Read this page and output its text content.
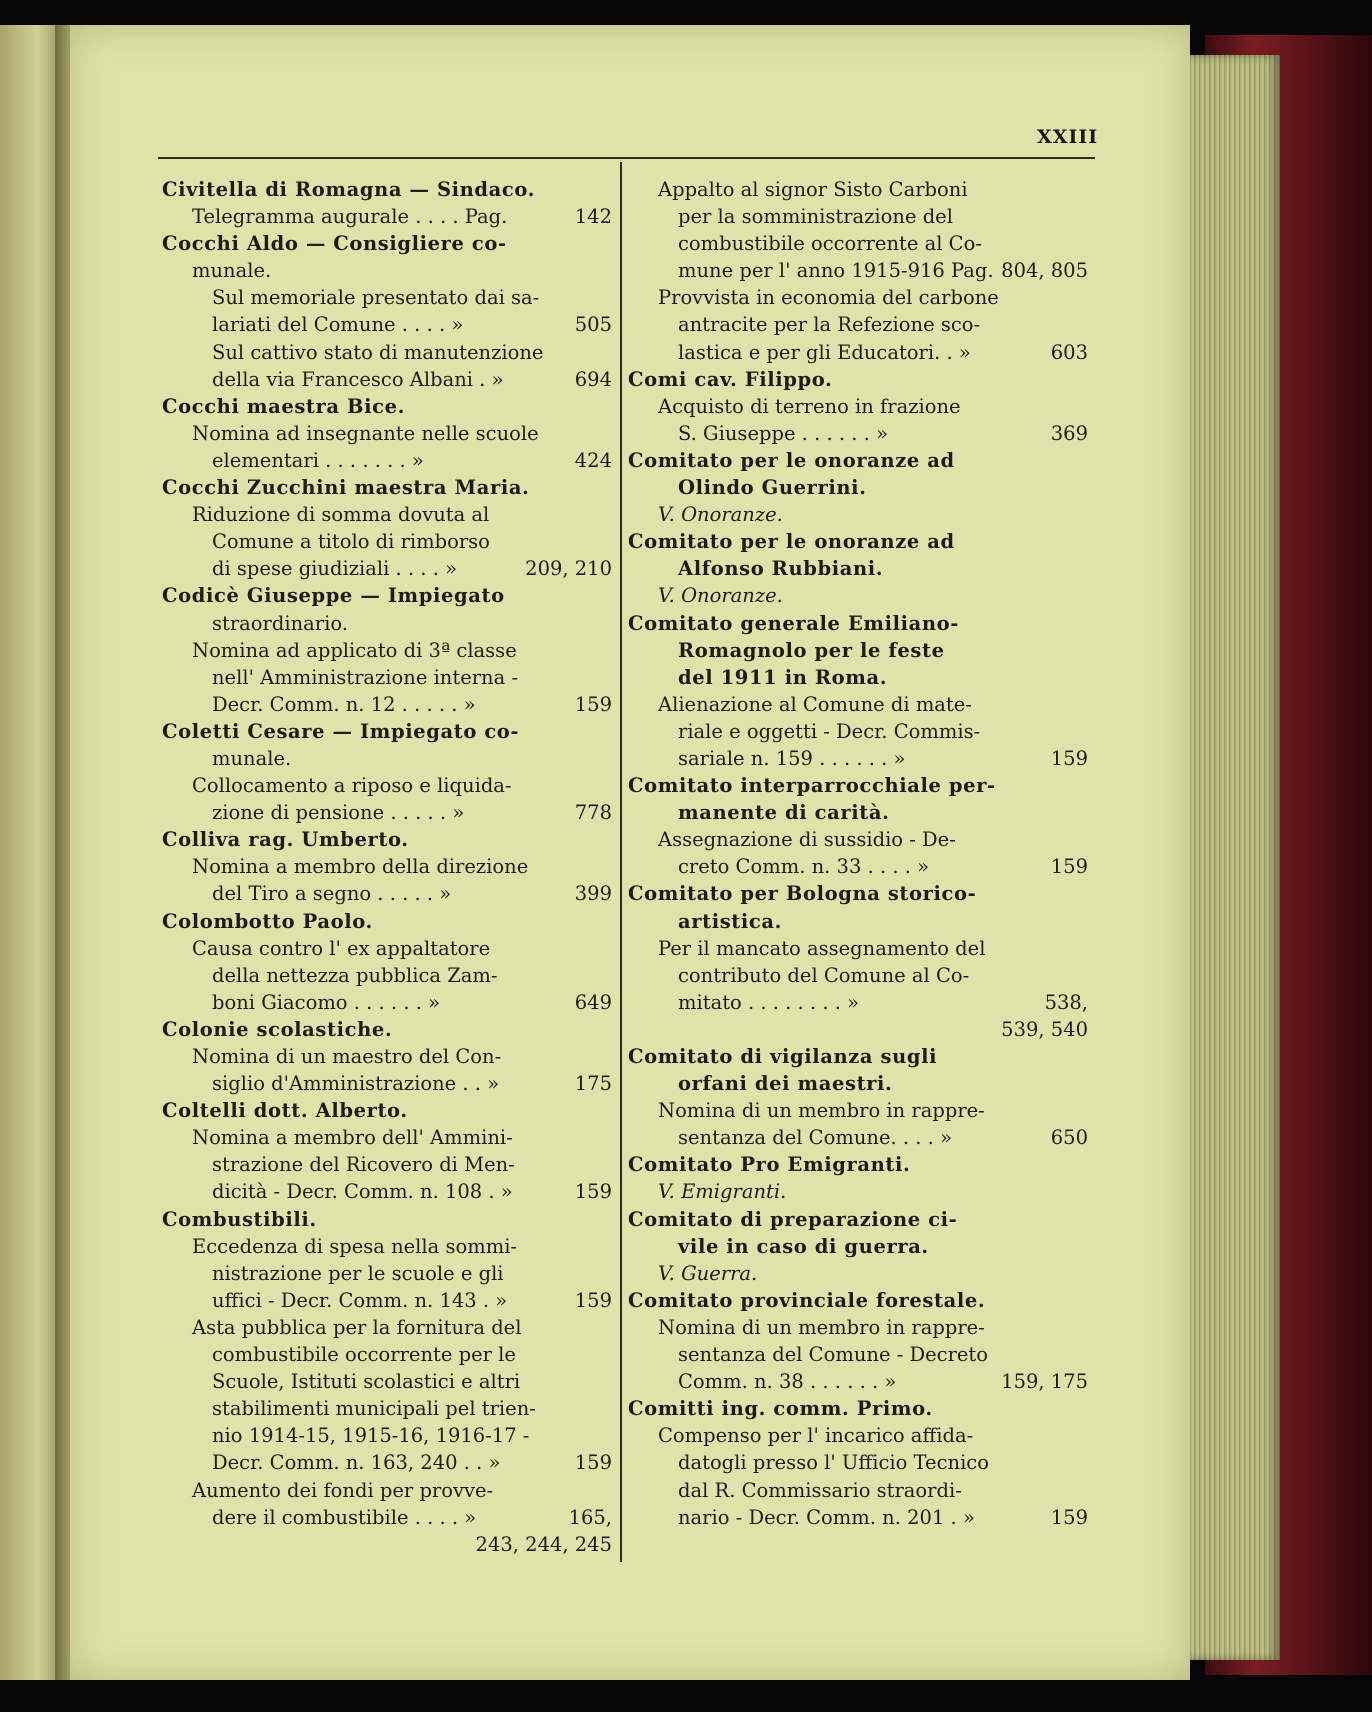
XXIII
Civitella di Romagna — Sindaco.
Telegramma augurale . . . . Pag.	142
Cocchi Aldo — Consigliere co-
munale.
Sul memoriale presentato dai sa-
lariati del Comune . . . . »	505
Sul cattivo stato di manutenzione
della via Francesco Albani . »	694
Cocchi maestra Bice.
Nomina ad insegnante nelle scuole
elementari . . . . . . . »	424
Cocchi Zucchini maestra Maria.
Riduzione di somma dovuta al
Comune a titolo di rimborso
di spese giudiziali . . . . »	209, 210
Codicè Giuseppe — Impiegato
straordinario.
Nomina ad applicato di 3ª classe
nell' Amministrazione interna -
Decr. Comm. n. 12 . . . . . »	159
Coletti Cesare — Impiegato co-
munale.
Collocamento a riposo e liquida-
zione di pensione . . . . . »	778
Colliva rag. Umberto.
Nomina a membro della direzione
del Tiro a segno . . . . . »	399
Colombotto Paolo.
Causa contro l' ex appaltatore
della nettezza pubblica Zam-
boni Giacomo . . . . . . »	649
Colonie scolastiche.
Nomina di un maestro del Con-
siglio d'Amministrazione . . »	175
Coltelli dott. Alberto.
Nomina a membro dell' Ammini-
strazione del Ricovero di Men-
dicità - Decr. Comm. n. 108 . »	159
Combustibili.
Eccedenza di spesa nella sommi-
nistrazione per le scuole e gli
uffici - Decr. Comm. n. 143 . »	159
Asta pubblica per la fornitura del
combustibile occorrente per le
Scuole, Istituti scolastici e altri
stabilimenti municipali pel trien-
nio 1914-15, 1915-16, 1916-17 -
Decr. Comm. n. 163, 240 . . »	159
Aumento dei fondi per provve-
dere il combustibile . . . . »	165,
243, 244, 245
Appalto al signor Sisto Carboni
per la somministrazione del
combustibile occorrente al Co-
mune per l' anno 1915-916 Pag. 804, 805
Provvista in economia del carbone
antracite per la Refezione sco-
lastica e per gli Educatori. . »	603
Comi cav. Filippo.
Acquisto di terreno in frazione
S. Giuseppe . . . . . . »	369
Comitato per le onoranze ad
Olindo Guerrini.
V. Onoranze.
Comitato per le onoranze ad
Alfonso Rubbiani.
V. Onoranze.
Comitato generale Emiliano-
Romagnolo per le feste
del 1911 in Roma.
Alienazione al Comune di mate-
riale e oggetti - Decr. Commis-
sariale n. 159 . . . . . . »	159
Comitato interparrocchiale per-
manente di carità.
Assegnazione di sussidio - De-
creto Comm. n. 33 . . . . »	159
Comitato per Bologna storico-
artistica.
Per il mancato assegnamento del
contributo del Comune al Co-
mitato . . . . . . . . »	538,
539, 540
Comitato di vigilanza sugli
orfani dei maestri.
Nomina di un membro in rappre-
sentanza del Comune. . . . »	650
Comitato Pro Emigranti.
V. Emigranti.
Comitato di preparazione ci-
vile in caso di guerra.
V. Guerra.
Comitato provinciale forestale.
Nomina di un membro in rappre-
sentanza del Comune - Decreto
Comm. n. 38 . . . . . . »	159, 175
Comitti ing. comm. Primo.
Compenso per l' incarico affida-
datogli presso l' Ufficio Tecnico
dal R. Commissario straordi-
nario - Decr. Comm. n. 201 . »	159
